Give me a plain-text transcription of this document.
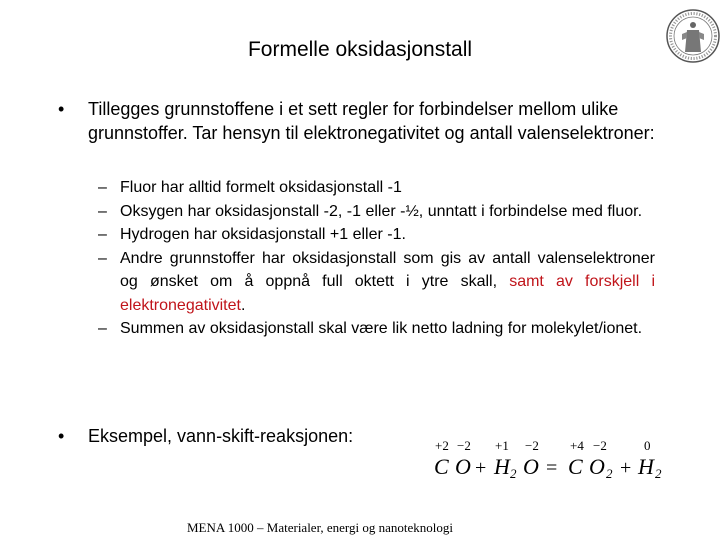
Formelle oksidasjonstall
• Tillegges grunnstoffene i et sett regler for forbindelser mellom ulike grunnstoffer. Tar hensyn til elektronegativitet og antall valenselektroner:
– Fluor har alltid formelt oksidasjonstall -1
– Oksygen har oksidasjonstall -2, -1 eller -½, unntatt i forbindelse med fluor.
– Hydrogen har oksidasjonstall +1 eller -1.
– Andre grunnstoffer har oksidasjonstall som gis av antall valenselektroner og ønsket om å oppnå full oktett i ytre skall, samt av forskjell i elektronegativitet.
– Summen av oksidasjonstall skal være lik netto ladning for molekylet/ionet.
• Eksempel, vann-skift-reaksjonen:	+2 −2 +1 −2 +4 −2	0
C O H O C O H
2	2	2
+	=	+
MENA 1000 – Materialer, energi og nanoteknologi
